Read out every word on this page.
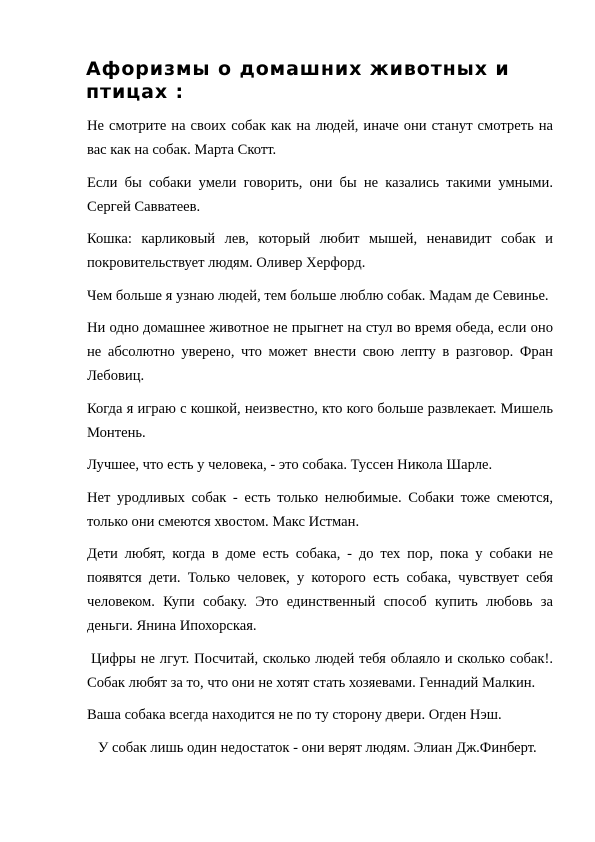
Афоризмы о домашних животных и птицах :

Не смотрите на своих собак как на людей, иначе они станут смотреть на вас как на собак. Марта Скотт.

Если бы собаки умели говорить, они бы не казались такими умными. Сергей Савватеев.

Кошка: карликовый лев, который любит мышей, ненавидит собак и покровительствует людям. Оливер Херфорд.

Чем больше я узнаю людей, тем больше люблю собак. Мадам де Севинье.

Ни одно домашнее животное не прыгнет на стул во время обеда, если оно не абсолютно уверено, что может внести свою лепту в разговор. Фран Лебовиц.

Когда я играю с кошкой, неизвестно, кто кого больше развлекает. Мишель Монтень.

Лучшее, что есть у человека, - это собака. Туссен Никола Шарле.

Нет уродливых собак - есть только нелюбимые. Собаки тоже смеются, только они смеются хвостом. Макс Истман.

Дети любят, когда в доме есть собака, - до тех пор, пока у собаки не появятся дети. Только человек, у которого есть собака, чувствует себя человеком. Купи собаку. Это единственный способ купить любовь за деньги. Янина Ипохорская.

Цифры не лгут. Посчитай, сколько людей тебя облаяло и сколько собак!. Собак любят за то, что они не хотят стать хозяевами. Геннадий Малкин.

Ваша собака всегда находится не по ту сторону двери. Огден Нэш.

У собак лишь один недостаток - они верят людям. Элиан Дж.Финберт.
